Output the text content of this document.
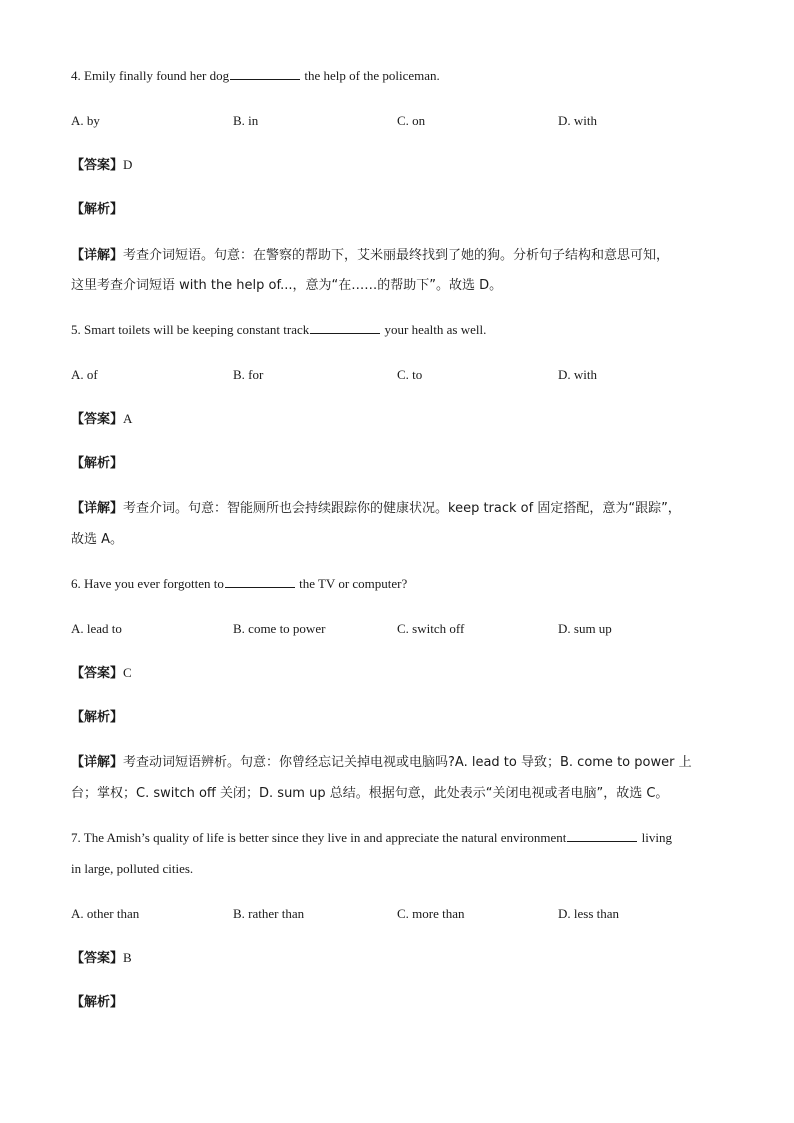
4. Emily finally found her dog	the help of the policeman.
A. by	B. in	C. on	D. with
【答案】D
【解析】
【详解】考查介词短语。句意：在警察的帮助下，艾米丽最终找到了她的狗。分析句子结构和意思可知，
这里考查介词短语 with the help of...，意为“在……的帮助下”。故选 D。
5. Smart toilets will be keeping constant track	your health as well.
A. of	B. for	C. to	D. with
【答案】A
【解析】
【详解】考查介词。句意：智能厕所也会持续跟踪你的健康状况。keep track of 固定搭配，意为“跟踪”，
故选 A。
6. Have you ever forgotten to	the TV or computer?
A. lead to	B. come to power	C. switch off	D. sum up
【答案】C
【解析】
【详解】考查动词短语辨析。句意：你曾经忘记关掉电视或电脑吗?A. lead to 导致；B. come to power 上
台；掌权；C. switch off 关闭；D. sum up 总结。根据句意，此处表示“关闭电视或者电脑”，故选 C。
7. The Amish’s quality of life is better since they live in and appreciate the natural environment	living
in large, polluted cities.
A. other than	B. rather than	C. more than	D. less than
【答案】B
【解析】
